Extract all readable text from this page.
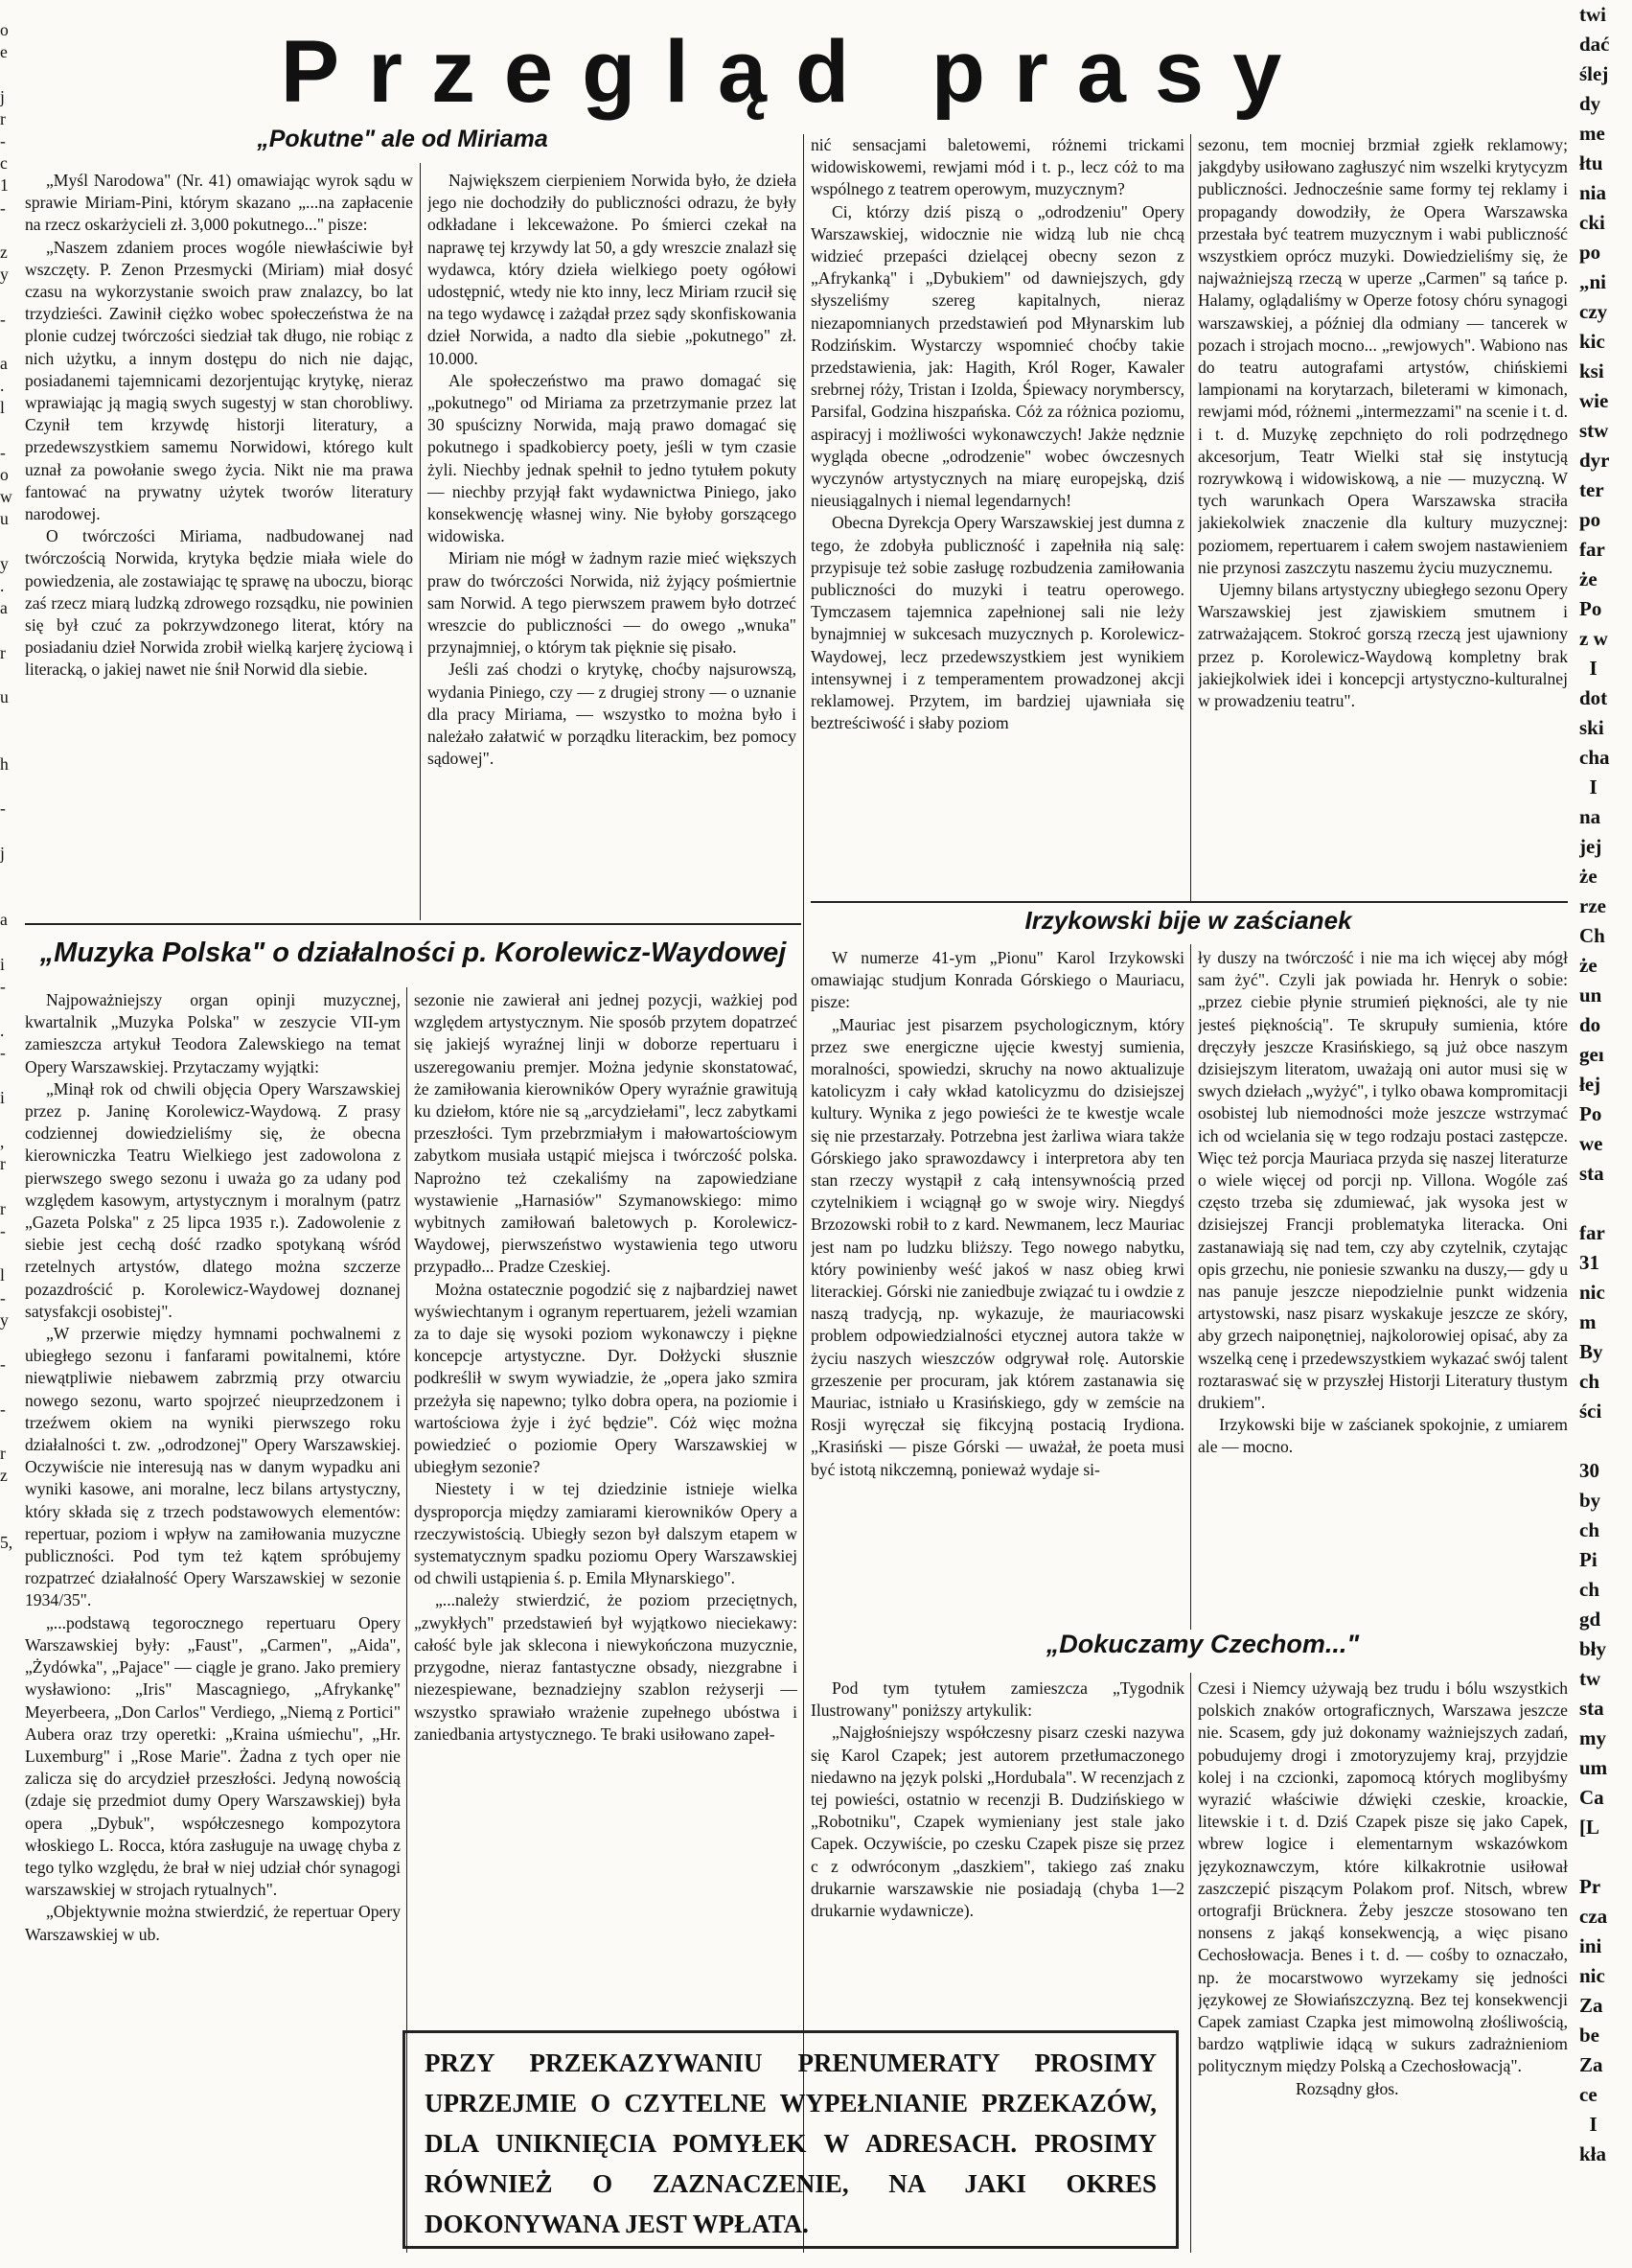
o
e

j
r
-
c
1
-

z
y

-

a
.
l

-
o
w
u

y
.
a

r

u

h

-

j

a

i
-

.
-

i

,
r

r
-

l
-
y

-

-

r
z

5,

twi
dać
ślej
dy
me
łtu
nia
cki
po
„ni
czy
kic
ksi
wie
stw
dyr
ter
po
far
że
Po
z w
I
dot
ski
cha
I
na
jej
że
rze
Ch
że
un
do
geı
łej
Po
we
sta

far
31
nic
m
By
ch
ści

30
by
ch
Pi
ch
gd
bły
tw
sta
my
um
Ca
[L

Pr
cza
ini
nic
Za
be
Za
ce
I
kła
Przegląd prasy
„Pokutne" ale od Miriama

„Myśl Narodowa" (Nr. 41) omawiając wyrok sądu w sprawie Miriam-Pini, którym skazano „...na zapłacenie na rzecz oskarżycieli zł. 3,000 pokutnego..." pisze:

„Naszem zdaniem proces wogóle niewłaściwie był wszczęty. P. Zenon Przesmycki (Miriam) miał dosyć czasu na wykorzystanie swoich praw znalazcy, bo lat trzydzieści. Zawinił ciężko wobec społeczeństwa że na plonie cudzej twórczości siedział tak długo, nie robiąc z nich użytku, a innym dostępu do nich nie dając, posiadanemi tajemnicami dezorjentując krytykę, nieraz wprawiając ją magią swych sugestyj w stan chorobliwy. Czynił tem krzywdę historji literatury, a przedewszystkiem samemu Norwidowi, którego kult uznał za powołanie swego życia. Nikt nie ma prawa fantować na prywatny użytek tworów literatury narodowej.

O twórczości Miriama, nadbudowanej nad twórczością Norwida, krytyka będzie miała wiele do powiedzenia, ale zostawiając tę sprawę na uboczu, biorąc zaś rzecz miarą ludzką zdrowego rozsądku, nie powinien się był czuć za pokrzywdzonego literat, który na posiadaniu dzieł Norwida zrobił wielką karjerę życiową i literacką, o jakiej nawet nie śnił Norwid dla siebie.

Największem cierpieniem Norwida było, że dzieła jego nie dochodziły do publiczności odrazu, że były odkładane i lekceważone. Po śmierci czekał na naprawę tej krzywdy lat 50, a gdy wreszcie znalazł się wydawca, który dzieła wielkiego poety ogółowi udostępnić, wtedy nie kto inny, lecz Miriam rzucił się na tego wydawcę i zażądał przez sądy skonfiskowania dzieł Norwida, a nadto dla siebie „pokutnego" zł. 10.000.

Ale społeczeństwo ma prawo domagać się „pokutnego" od Miriama za przetrzymanie przez lat 30 spuścizny Norwida, mają prawo domagać się pokutnego i spadkobiercy poety, jeśli w tym czasie żyli. Niechby jednak spełnił to jedno tytułem pokuty — niechby przyjął fakt wydawnictwa Piniego, jako konsekwencję własnej winy. Nie byłoby gorszącego widowiska.

Miriam nie mógł w żadnym razie mieć większych praw do twórczości Norwida, niż żyjący pośmiertnie sam Norwid. A tego pierwszem prawem było dotrzeć wreszcie do publiczności — do owego „wnuka" przynajmniej, o którym tak pięknie się pisało.

Jeśli zaś chodzi o krytykę, choćby najsurowszą, wydania Piniego, czy — z drugiej strony — o uznanie dla pracy Miriama, — wszystko to można było i należało załatwić w porządku literackim, bez pomocy sądowej".

nić sensacjami baletowemi, różnemi trickami widowiskowemi, rewjami mód i t. p., lecz cóż to ma wspólnego z teatrem operowym, muzycznym?

Ci, którzy dziś piszą o „odrodzeniu" Opery Warszawskiej, widocznie nie widzą lub nie chcą widzieć przepaści dzielącej obecny sezon z „Afrykanką" i „Dybukiem" od dawniejszych, gdy słyszeliśmy szereg kapitalnych, nieraz niezapomnianych przedstawień pod Młynarskim lub Rodzińskim. Wystarczy wspomnieć choćby takie przedstawienia, jak: Hagith, Król Roger, Kawaler srebrnej róży, Tristan i Izolda, Śpiewacy norymberscy, Parsifal, Godzina hiszpańska. Cóż za różnica poziomu, aspiracyj i możliwości wykonawczych! Jakże nędznie wygląda obecne „odrodzenie" wobec ówczesnych wyczynów artystycznych na miarę europejską, dziś nieusiągalnych i niemal legendarnych!

Obecna Dyrekcja Opery Warszawskiej jest dumna z tego, że zdobyła publiczność i zapełniła nią salę: przypisuje też sobie zasługę rozbudzenia zamiłowania publiczności do muzyki i teatru operowego. Tymczasem tajemnica zapełnionej sali nie leży bynajmniej w sukcesach muzycznych p. Korolewicz-Waydowej, lecz przedewszystkiem jest wynikiem intensywnej i z temperamentem prowadzonej akcji reklamowej. Przytem, im bardziej ujawniała się beztreściwość i słaby poziom

sezonu, tem mocniej brzmiał zgiełk reklamowy; jakgdyby usiłowano zagłuszyć nim wszelki krytycyzm publiczności. Jednocześnie same formy tej reklamy i propagandy dowodziły, że Opera Warszawska przestała być teatrem muzycznym i wabi publiczność wszystkiem oprócz muzyki. Dowiedzieliśmy się, że najważniejszą rzeczą w uperze „Carmen" są tańce p. Halamy, oglądaliśmy w Operze fotosy chóru synagogi warszawskiej, a później dla odmiany — tancerek w pozach i strojach mocno... „rewjowych". Wabiono nas do teatru autografami artystów, chińskiemi lampionami na korytarzach, bileterami w kimonach, rewjami mód, różnemi „intermezzami" na scenie i t. d. i t. d. Muzykę zepchnięto do roli podrzędnego akcesorjum, Teatr Wielki stał się instytucją rozrywkową i widowiskową, a nie — muzyczną. W tych warunkach Opera Warszawska straciła jakiekolwiek znaczenie dla kultury muzycznej: poziomem, repertuarem i całem swojem nastawieniem nie przynosi zaszczytu naszemu życiu muzycznemu.

Ujemny bilans artystyczny ubiegłego sezonu Opery Warszawskiej jest zjawiskiem smutnem i zatrważającem. Stokroć gorszą rzeczą jest ujawniony przez p. Korolewicz-Waydową kompletny brak jakiejkolwiek idei i koncepcji artystyczno-kulturalnej w prowadzeniu teatru".

„Muzyka Polska" o działalności p. Korolewicz-Waydowej

Najpoważniejszy organ opinji muzycznej, kwartalnik „Muzyka Polska" w zeszycie VII-ym zamieszcza artykuł Teodora Zalewskiego na temat Opery Warszawskiej. Przytaczamy wyjątki:

„Minął rok od chwili objęcia Opery Warszawskiej przez p. Janinę Korolewicz-Waydową. Z prasy codziennej dowiedzieliśmy się, że obecna kierowniczka Teatru Wielkiego jest zadowolona z pierwszego swego sezonu i uważa go za udany pod względem kasowym, artystycznym i moralnym (patrz „Gazeta Polska" z 25 lipca 1935 r.). Zadowolenie z siebie jest cechą dość rzadko spotykaną wśród rzetelnych artystów, dlatego można szczerze pozazdrościć p. Korolewicz-Waydowej doznanej satysfakcji osobistej".

„W przerwie między hymnami pochwalnemi z ubiegłego sezonu i fanfarami powitalnemi, które niewątpliwie niebawem zabrzmią przy otwarciu nowego sezonu, warto spojrzeć nieuprzedzonem i trzeźwem okiem na wyniki pierwszego roku działalności t. zw. „odrodzonej" Opery Warszawskiej. Oczywiście nie interesują nas w danym wypadku ani wyniki kasowe, ani moralne, lecz bilans artystyczny, który składa się z trzech podstawowych elementów: repertuar, poziom i wpływ na zamiłowania muzyczne publiczności. Pod tym też kątem spróbujemy rozpatrzeć działalność Opery Warszawskiej w sezonie 1934/35".

„...podstawą tegorocznego repertuaru Opery Warszawskiej były: „Faust", „Carmen", „Aida", „Żydówka", „Pajace" — ciągle je grano. Jako premiery wysławiono: „Iris" Mascagniego, „Afrykankę" Meyerbeera, „Don Carlos" Verdiego, „Niemą z Portici" Aubera oraz trzy operetki: „Kraina uśmiechu", „Hr. Luxemburg" i „Rose Marie". Żadna z tych oper nie zalicza się do arcydzieł przeszłości. Jedyną nowością (zdaje się przedmiot dumy Opery Warszawskiej) była opera „Dybuk", współczesnego kompozytora włoskiego L. Rocca, która zasługuje na uwagę chyba z tego tylko względu, że brał w niej udział chór synagogi warszawskiej w strojach rytualnych".

„Objektywnie można stwierdzić, że repertuar Opery Warszawskiej w ub.

sezonie nie zawierał ani jednej pozycji, ważkiej pod względem artystycznym. Nie sposób przytem dopatrzeć się jakiejś wyraźnej linji w doborze repertuaru i uszeregowaniu premjer. Można jedynie skonstatować, że zamiłowania kierowników Opery wyraźnie grawitują ku dziełom, które nie są „arcydziełami", lecz zabytkami przeszłości. Tym przebrzmiałym i małowartościowym zabytkom musiała ustąpić miejsca i twórczość polska. Naprożno też czekaliśmy na zapowiedziane wystawienie „Harnasiów" Szymanowskiego: mimo wybitnych zamiłowań baletowych p. Korolewicz-Waydowej, pierwszeństwo wystawienia tego utworu przypadło... Pradze Czeskiej.

Można ostatecznie pogodzić się z najbardziej nawet wyświechtanym i ogranym repertuarem, jeżeli wzamian za to daje się wysoki poziom wykonawczy i piękne koncepcje artystyczne. Dyr. Dołżycki słusznie podkreślił w swym wywiadzie, że „opera jako szmira przeżyła się napewno; tylko dobra opera, na poziomie i wartościowa żyje i żyć będzie". Cóż więc można powiedzieć o poziomie Opery Warszawskiej w ubiegłym sezonie?

Niestety i w tej dziedzinie istnieje wielka dysproporcja między zamiarami kierowników Opery a rzeczywistością. Ubiegły sezon był dalszym etapem w systematycznym spadku poziomu Opery Warszawskiej od chwili ustąpienia ś. p. Emila Młynarskiego".

„...należy stwierdzić, że poziom przeciętnych, „zwykłych" przedstawień był wyjątkowo nieciekawy: całość byle jak sklecona i niewykończona muzycznie, przygodne, nieraz fantastyczne obsady, niezgrabne i niezespiewane, beznadziejny szablon reżyserji — wszystko sprawiało wrażenie zupełnego ubóstwa i zaniedbania artystycznego. Te braki usiłowano zapeł-

Irzykowski bije w zaścianek

W numerze 41-ym „Pionu" Karol Irzykowski omawiając studjum Konrada Górskiego o Mauriacu, pisze:

„Mauriac jest pisarzem psychologicznym, który przez swe energiczne ujęcie kwestyj sumienia, moralności, spowiedzi, skruchy na nowo aktualizuje katolicyzm i cały wkład katolicyzmu do dzisiejszej kultury. Wynika z jego powieści że te kwestje wcale się nie przestarzały. Potrzebna jest żarliwa wiara także Górskiego jako sprawozdawcy i interpretora aby ten stan rzeczy wystąpił z całą intensywnością przed czytelnikiem i wciągnął go w swoje wiry. Niegdyś Brzozowski robił to z kard. Newmanem, lecz Mauriac jest nam po ludzku bliższy. Tego nowego nabytku, który powinienby weść jakoś w nasz obieg krwi literackiej. Górski nie zaniedbuje związać tu i owdzie z naszą tradycją, np. wykazuje, że mauriacowski problem odpowiedzialności etycznej autora także w życiu naszych wieszczów odgrywał rolę. Autorskie grzeszenie per procuram, jak którem zastanawia się Mauriac, istniało u Krasińskiego, gdy w zemście na Rosji wyręczał się fikcyjną postacią Irydiona. „Krasiński — pisze Górski — uważał, że poeta musi być istotą nikczemną, ponieważ wydaje si-

ły duszy na twórczość i nie ma ich więcej aby mógł sam żyć". Czyli jak powiada hr. Henryk o sobie: „przez ciebie płynie strumień piękności, ale ty nie jesteś pięknością". Te skrupuły sumienia, które dręczyły jeszcze Krasińskiego, są już obce naszym dzisiejszym literatom, uważają oni autor musi się w swych dziełach „wyżyć", i tylko obawa kompromitacji osobistej lub niemodności może jeszcze wstrzymać ich od wcielania się w tego rodzaju postaci zastępcze. Więc też porcja Mauriaca przyda się naszej literaturze o wiele więcej od porcji np. Villona. Wogóle zaś często trzeba się zdumiewać, jak wysoka jest w dzisiejszej Francji problematyka literacka. Oni zastanawiają się nad tem, czy aby czytelnik, czytając opis grzechu, nie poniesie szwanku na duszy,— gdy u nas panuje jeszcze niepodzielnie punkt widzenia artystowski, nasz pisarz wyskakuje jeszcze ze skóry, aby grzech naiponętniej, najkolorowiej opisać, aby za wszelką cenę i przedewszystkiem wykazać swój talent roztaraswać się w przyszłej Historji Literatury tłustym drukiem".

Irzykowski bije w zaścianek spokojnie, z umiarem ale — mocno.

„Dokuczamy Czechom..."

Pod tym tytułem zamieszcza „Tygodnik Ilustrowany" poniższy artykulik:

„Najgłośniejszy współczesny pisarz czeski nazywa się Karol Czapek; jest autorem przetłumaczonego niedawno na język polski „Hordubala". W recenzjach z tej powieści, ostatnio w recenzji B. Dudzińskiego w „Robotniku", Czapek wymieniany jest stale jako Capek. Oczywiście, po czesku Czapek pisze się przez c z odwróconym „daszkiem", takiego zaś znaku drukarnie warszawskie nie posiadają (chyba 1—2 drukarnie wydawnicze).

Czesi i Niemcy używają bez trudu i bólu wszystkich polskich znaków ortograficznych, Warszawa jeszcze nie. Scasem, gdy już dokonamy ważniejszych zadań, pobudujemy drogi i zmotoryzujemy kraj, przyjdzie kolej i na czcionki, zapomocą których moglibyśmy wyrazić właściwie dźwięki czeskie, kroackie, litewskie i t. d. Dziś Czapek pisze się jako Capek, wbrew logice i elementarnym wskazówkom językoznawczym, które kilkakrotnie usiłował zaszczepić piszącym Polakom prof. Nitsch, wbrew ortografji Brücknera. Żeby jeszcze stosowano ten nonsens z jakąś konsekwencją, a więc pisano Cechosłowacja. Benes i t. d. — cośby to oznaczało, np. że mocarstwowo wyrzekamy się jedności językowej ze Słowiańszczyzną. Bez tej konsekwencji Capek zamiast Czapka jest mimowolną złośliwością, bardzo wątpliwie idącą w sukurs zadrażnieniom politycznym między Polską a Czechosłowacją".

Rozsądny głos.

PRZY PRZEKAZYWANIU PRENUMERATY PROSIMY UPRZEJMIE O CZYTELNE WYPEŁNIANIE PRZEKAZÓW, DLA UNIKNIĘCIA POMYŁEK W ADRESACH. PROSIMY RÓWNIEŻ O ZAZNACZENIE, NA JAKI OKRES DOKONYWANA JEST WPŁATA.
